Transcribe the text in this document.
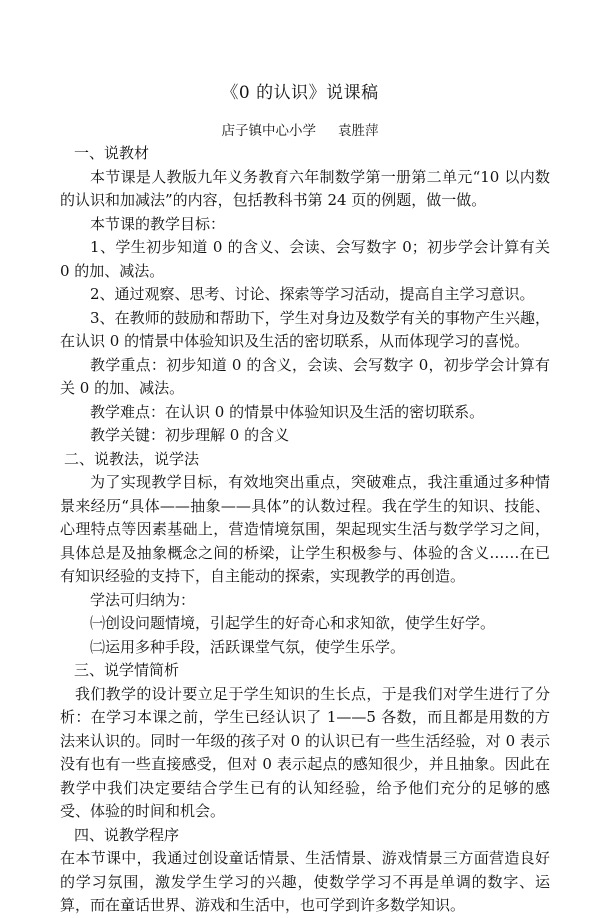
《0 的认识》说课稿
店子镇中心小学 袁胜萍

一、说教材

本节课是人教版九年义务教育六年制数学第一册第二单元“10 以内数的认识和加减法”的内容，包括教科书第 24 页的例题，做一做。

本节课的教学目标：

1、学生初步知道 0 的含义、会读、会写数字 0；初步学会计算有关 0 的加、减法。

2、通过观察、思考、讨论、探索等学习活动，提高自主学习意识。

3、在教师的鼓励和帮助下，学生对身边及数学有关的事物产生兴趣，在认识 0 的情景中体验知识及生活的密切联系，从而体现学习的喜悦。

教学重点：初步知道 0 的含义，会读、会写数字 0，初步学会计算有关 0 的加、减法。

教学难点：在认识 0 的情景中体验知识及生活的密切联系。

教学关键：初步理解 0 的含义

二、说教法，说学法

为了实现教学目标，有效地突出重点，突破难点，我注重通过多种情景来经历“具体——抽象——具体”的认数过程。我在学生的知识、技能、心理特点等因素基础上，营造情境氛围，架起现实生活与数学学习之间，具体总是及抽象概念之间的桥梁，让学生积极参与、体验的含义……在已有知识经验的支持下，自主能动的探索，实现教学的再创造。

学法可归纳为：

㈠创设问题情境，引起学生的好奇心和求知欲，使学生好学。

㈡运用多种手段，活跃课堂气氛，使学生乐学。

三、说学情简析

我们教学的设计要立足于学生知识的生长点，于是我们对学生进行了分析：在学习本课之前，学生已经认识了 1——5 各数，而且都是用数的方法来认识的。同时一年级的孩子对 0 的认识已有一些生活经验，对 0 表示没有也有一些直接感受，但对 0 表示起点的感知很少，并且抽象。因此在教学中我们决定要结合学生已有的认知经验，给予他们充分的足够的感受、体验的时间和机会。

四、说教学程序

在本节课中，我通过创设童话情景、生活情景、游戏情景三方面营造良好的学习氛围，激发学生学习的兴趣，使数学学习不再是单调的数字、运算，而在童话世界、游戏和生活中，也可学到许多数学知识。
